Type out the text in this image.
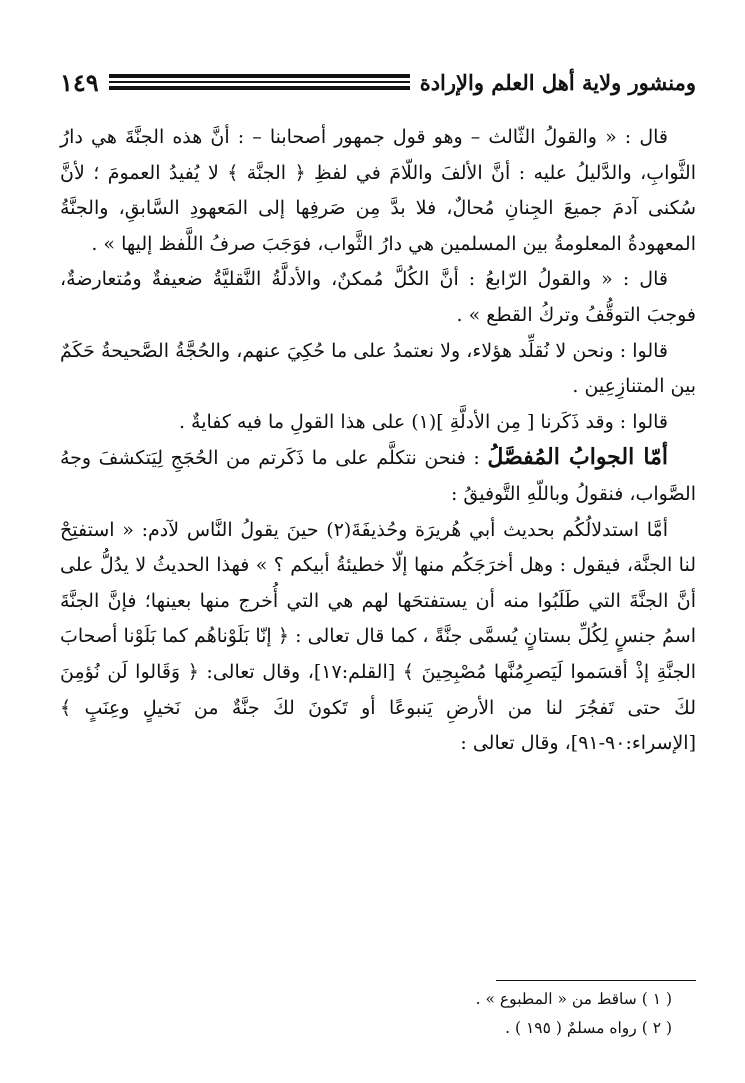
ومنشور ولاية أهل العلم والإرادة
١٤٩

قال : « والقولُ الثّالث – وهو قول جمهور أصحابنا – : أنَّ هذه الجنَّةَ هي دارُ الثَّوابِ، والدَّليلُ عليه : أنَّ الألفَ واللّامَ في لفظِ ﴿ الجنَّة ﴾ لا يُفيدُ العمومَ ؛ لأنَّ سُكنى آدمَ جميعَ الجِنانِ مُحالٌ، فلا بدَّ مِن صَرفِها إلى المَعهودِ السَّابقِ، والجنَّةُ المعهودةُ المعلومةُ بين المسلمين هي دارُ الثَّواب، فوَجَبَ صرفُ اللَّفظ إليها » .

قال : « والقولُ الرّابعُ : أنَّ الكُلَّ مُمكنٌ، والأدلَّةُ النَّقليَّةُ ضعيفةٌ ومُتعارضةٌ، فوجبَ التوقُّفُ وتركُ القطع » .

قالوا : ونحن لا نُقلِّد هؤلاء، ولا نعتمدُ على ما حُكِيَ عنهم، والحُجَّةُ الصَّحيحةُ حَكَمٌ بين المتنازِعِين .

قالوا : وقد ذَكَرنا [ مِن الأدلَّةِ ](١) على هذا القولِ ما فيه كفايةٌ .

أمّا الجوابُ المُفصَّلُ : فنحن نتكلَّم على ما ذَكَرتم من الحُجَجِ لِيَتكشفَ وجهُ الصَّواب، فنقولُ وباللّهِ التَّوفيقُ :

أمَّا استدلالُكُم بحديث أبي هُريرَة وحُذيفَةَ(٢) حينَ يقولُ النَّاس لآدم: « استفتِحْ لنا الجنَّة، فيقول : وهل أخرَجَكُم منها إلّا خطيئةُ أبيكم ؟ » فهذا الحديثُ لا يدُلُّ على أنَّ الجنَّةَ التي طَلَبُوا منه أن يستفتحَها لهم هي التي أُخرج منها بعينها؛ فإنَّ الجنَّةَ اسمُ جنسٍ لِكُلِّ بستانٍ يُسمَّى جنَّةً ، كما قال تعالى : ﴿ إنّا بَلَوْناهُم كما بَلَوْنا أصحابَ الجنَّةِ إذْ أقسَموا لَيَصرِمُنَّها مُصْبِحِينَ ﴾ [القلم:١٧]، وقال تعالى: ﴿ وَقَالوا لَن نُؤمِنَ لكَ حتى تَفجُرَ لنا من الأرضِ يَنبوعًا أو تَكونَ لكَ جنَّةٌ من نَخيلٍ وعِنَبٍ ﴾ [الإسراء:٩٠-٩١]، وقال تعالى :

( ١ ) ساقط من « المطبوع » .
( ٢ ) رواه مسلمٌ ( ١٩٥ ) .
